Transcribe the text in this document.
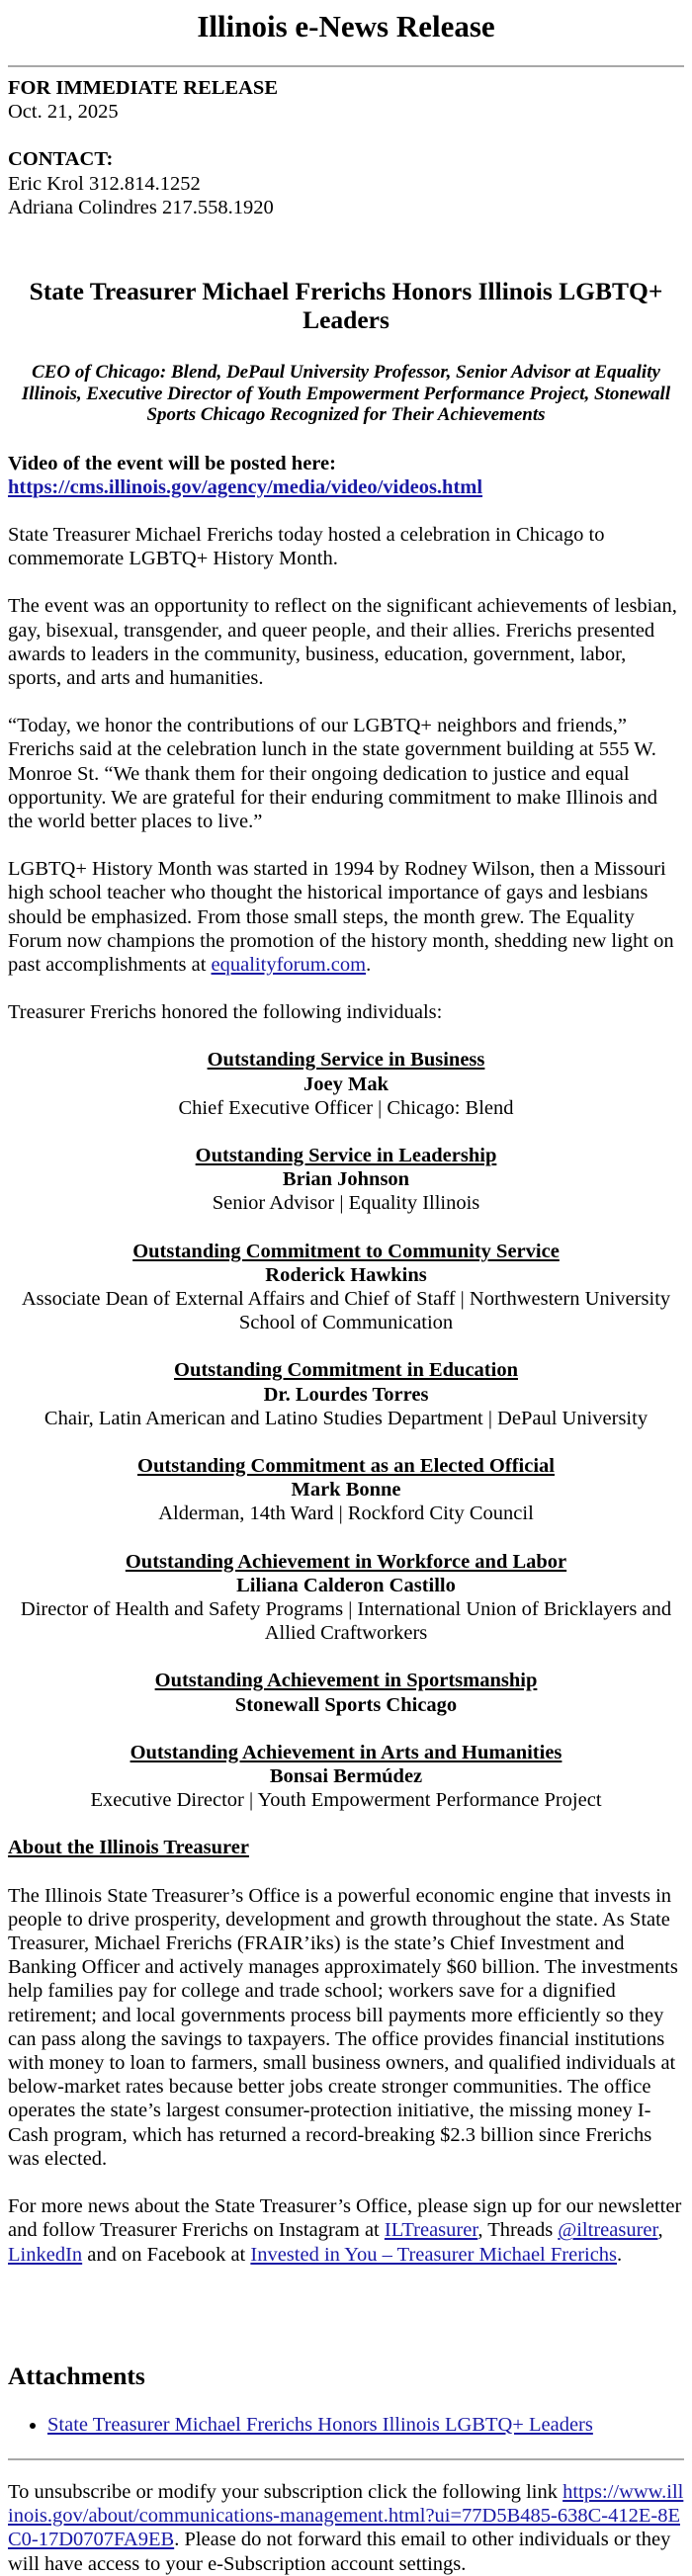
Illinois e-News Release
FOR IMMEDIATE RELEASE
Oct. 21, 2025
CONTACT:
Eric Krol 312.814.1252
Adriana Colindres 217.558.1920
State Treasurer Michael Frerichs Honors Illinois LGBTQ+ Leaders
CEO of Chicago: Blend, DePaul University Professor, Senior Advisor at Equality Illinois, Executive Director of Youth Empowerment Performance Project, Stonewall Sports Chicago Recognized for Their Achievements

Video of the event will be posted here: https://cms.illinois.gov/agency/media/video/videos.html

State Treasurer Michael Frerichs today hosted a celebration in Chicago to commemorate LGBTQ+ History Month.

The event was an opportunity to reflect on the significant achievements of lesbian, gay, bisexual, transgender, and queer people, and their allies. Frerichs presented awards to leaders in the community, business, education, government, labor, sports, and arts and humanities.

“Today, we honor the contributions of our LGBTQ+ neighbors and friends,” Frerichs said at the celebration lunch in the state government building at 555 W. Monroe St. “We thank them for their ongoing dedication to justice and equal opportunity. We are grateful for their enduring commitment to make Illinois and the world better places to live.”

LGBTQ+ History Month was started in 1994 by Rodney Wilson, then a Missouri high school teacher who thought the historical importance of gays and lesbians should be emphasized. From those small steps, the month grew. The Equality Forum now champions the promotion of the history month, shedding new light on past accomplishments at equalityforum.com.

Treasurer Frerichs honored the following individuals:

Outstanding Service in Business
Joey Mak
Chief Executive Officer | Chicago: Blend
Outstanding Service in Leadership
Brian Johnson
Senior Advisor | Equality Illinois
Outstanding Commitment to Community Service
Roderick Hawkins
Associate Dean of External Affairs and Chief of Staff | Northwestern University School of Communication
Outstanding Commitment in Education
Dr. Lourdes Torres
Chair, Latin American and Latino Studies Department | DePaul University
Outstanding Commitment as an Elected Official
Mark Bonne
Alderman, 14th Ward | Rockford City Council
Outstanding Achievement in Workforce and Labor
Liliana Calderon Castillo
Director of Health and Safety Programs | International Union of Bricklayers and Allied Craftworkers
Outstanding Achievement in Sportsmanship
Stonewall Sports Chicago
Outstanding Achievement in Arts and Humanities
Bonsai Bermúdez
Executive Director | Youth Empowerment Performance Project

About the Illinois Treasurer

The Illinois State Treasurer’s Office is a powerful economic engine that invests in people to drive prosperity, development and growth throughout the state. As State Treasurer, Michael Frerichs (FRAIR’iks) is the state’s Chief Investment and Banking Officer and actively manages approximately $60 billion. The investments help families pay for college and trade school; workers save for a dignified retirement; and local governments process bill payments more efficiently so they can pass along the savings to taxpayers. The office provides financial institutions with money to loan to farmers, small business owners, and qualified individuals at below-market rates because better jobs create stronger communities. The office operates the state’s largest consumer-protection initiative, the missing money I-Cash program, which has returned a record-breaking $2.3 billion since Frerichs was elected.

For more news about the State Treasurer’s Office, please sign up for our newsletter and follow Treasurer Frerichs on Instagram at ILTreasurer, Threads @iltreasurer, LinkedIn and on Facebook at Invested in You – Treasurer Michael Frerichs.

Attachments
• State Treasurer Michael Frerichs Honors Illinois LGBTQ+ Leaders
To unsubscribe or modify your subscription click the following link https://www.illinois.gov/about/communications-management.html?ui=77D5B485-638C-412E-8EC0-17D0707FA9EB. Please do not forward this email to other individuals or they will have access to your e-Subscription account settings.
